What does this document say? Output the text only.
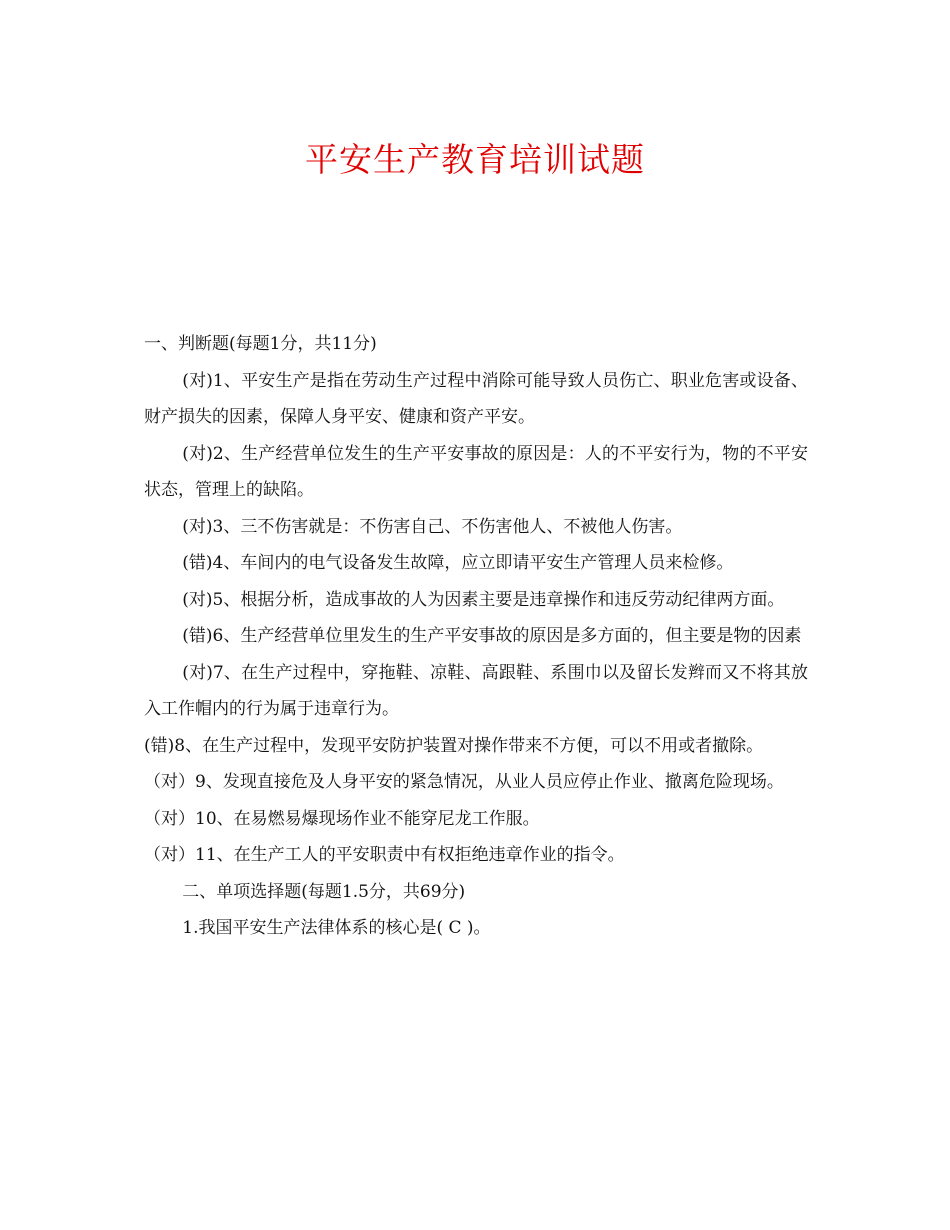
平安生产教育培训试题

一、判断题(每题1分，共11分)

(对)1、平安生产是指在劳动生产过程中消除可能导致人员伤亡、职业危害或设备、财产损失的因素，保障人身平安、健康和资产平安。

(对)2、生产经营单位发生的生产平安事故的原因是：人的不平安行为，物的不平安状态，管理上的缺陷。

(对)3、三不伤害就是：不伤害自己、不伤害他人、不被他人伤害。

(错)4、车间内的电气设备发生故障，应立即请平安生产管理人员来检修。

(对)5、根据分析，造成事故的人为因素主要是违章操作和违反劳动纪律两方面。

(错)6、生产经营单位里发生的生产平安事故的原因是多方面的，但主要是物的因素

(对)7、在生产过程中，穿拖鞋、凉鞋、高跟鞋、系围巾以及留长发辫而又不将其放入工作帽内的行为属于违章行为。

(错)8、在生产过程中，发现平安防护装置对操作带来不方便，可以不用或者撤除。

（对）9、发现直接危及人身平安的紧急情况，从业人员应停止作业、撤离危险现场。

（对）10、在易燃易爆现场作业不能穿尼龙工作服。

（对）11、在生产工人的平安职责中有权拒绝违章作业的指令。

二、单项选择题(每题1.5分，共69分)

1.我国平安生产法律体系的核心是( C )。
